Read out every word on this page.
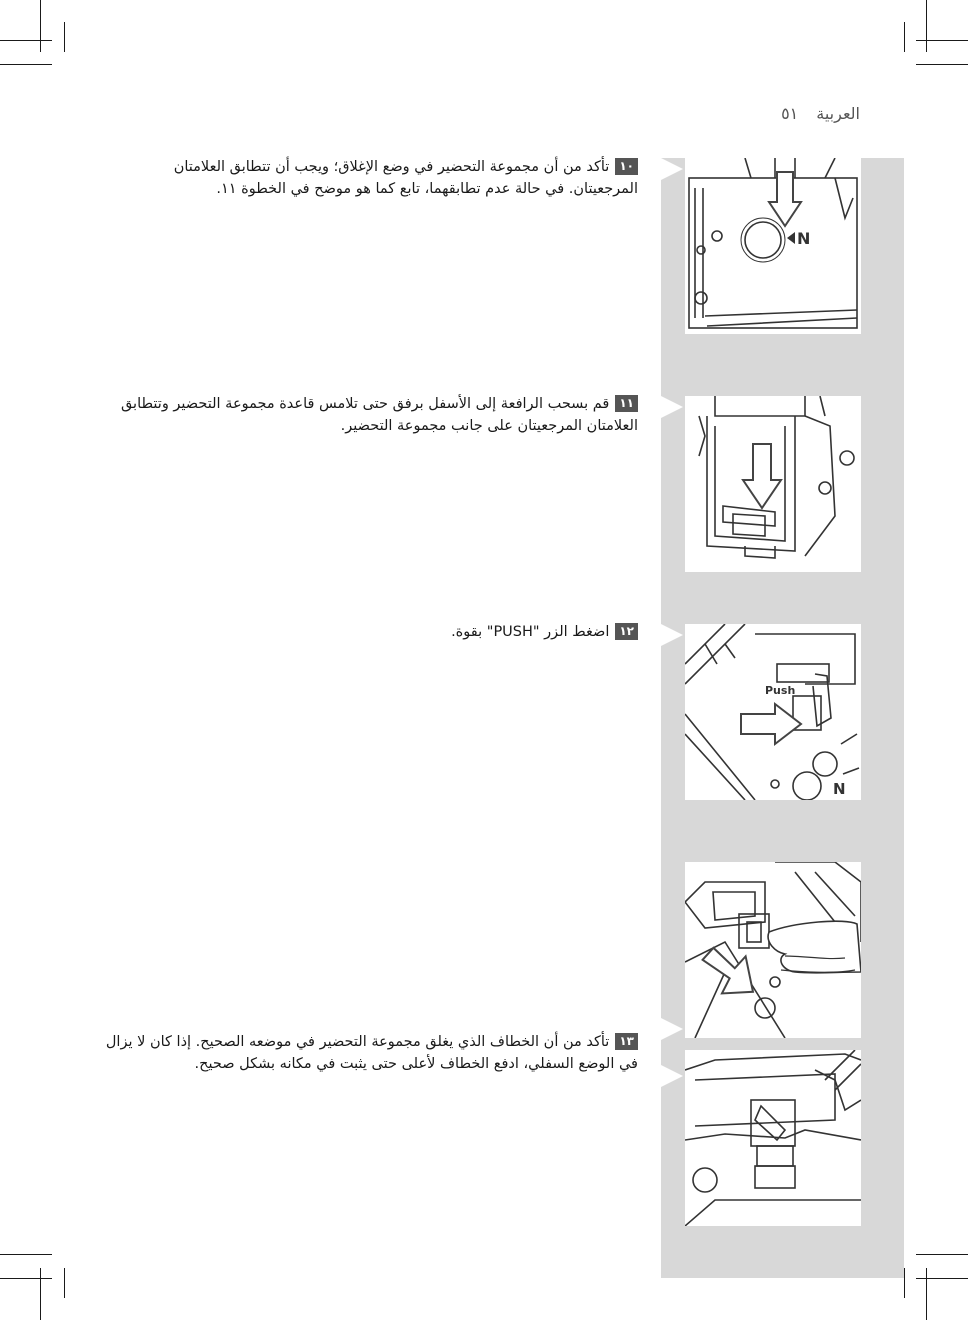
العربية
٥١
N
Push
N
١٠تأكد من أن مجموعة التحضير في وضع الإغلاق؛ ويجب أن تتطابق العلامتان المرجعيتان. في حالة عدم تطابقهما، تابع كما هو موضح في الخطوة ١١.
١١قم بسحب الرافعة إلى الأسفل برفق حتى تلامس قاعدة مجموعة التحضير وتتطابق العلامتان المرجعيتان على جانب مجموعة التحضير.
١٢اضغط الزر "PUSH" بقوة.
١٣تأكد من أن الخطاف الذي يغلق مجموعة التحضير في موضعه الصحيح. إذا كان لا يزال في الوضع السفلي، ادفع الخطاف لأعلى حتى يثبت في مكانه بشكل صحيح.
